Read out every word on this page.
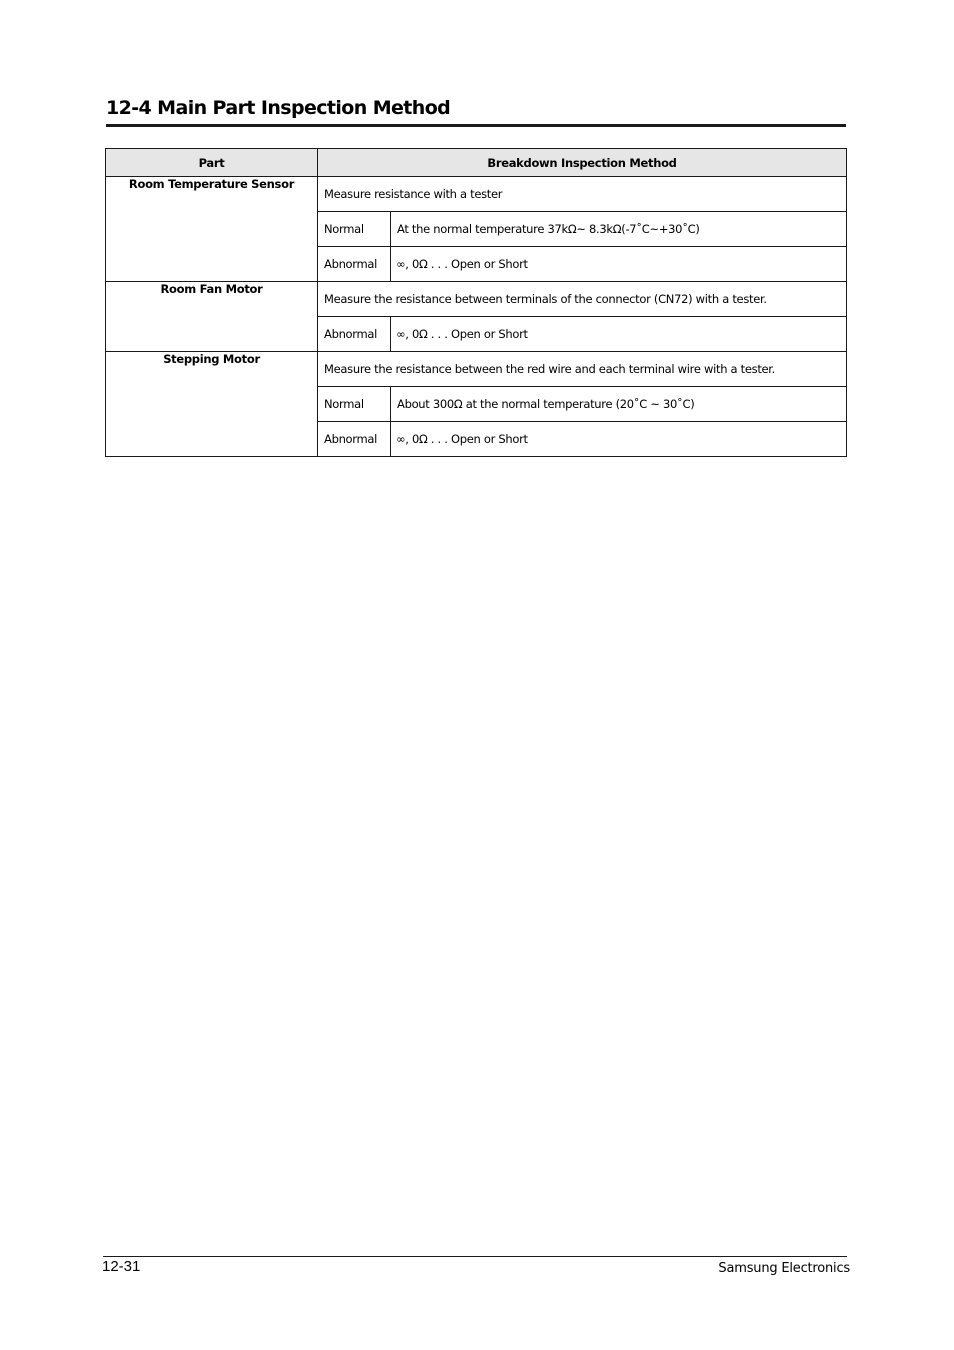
12-4 Main Part Inspection Method
Part	Breakdown Inspection Method	
Room Temperature Sensor	Measure resistance with a tester	
	Normal	At the normal temperature 37kΩ~ 8.3kΩ(-7˚C~+30˚C)
	Abnormal	∞, 0Ω . . . Open or Short
Room Fan Motor	Measure the resistance between terminals of the connector (CN72) with a tester.	
	Abnormal	∞, 0Ω . . . Open or Short
Stepping Motor	Measure the resistance between the red wire and each terminal wire with a tester.	
	Normal	About 300Ω at the normal temperature (20˚C ~ 30˚C)
	Abnormal	∞, 0Ω . . . Open or Short
12-31	Samsung Electronics
